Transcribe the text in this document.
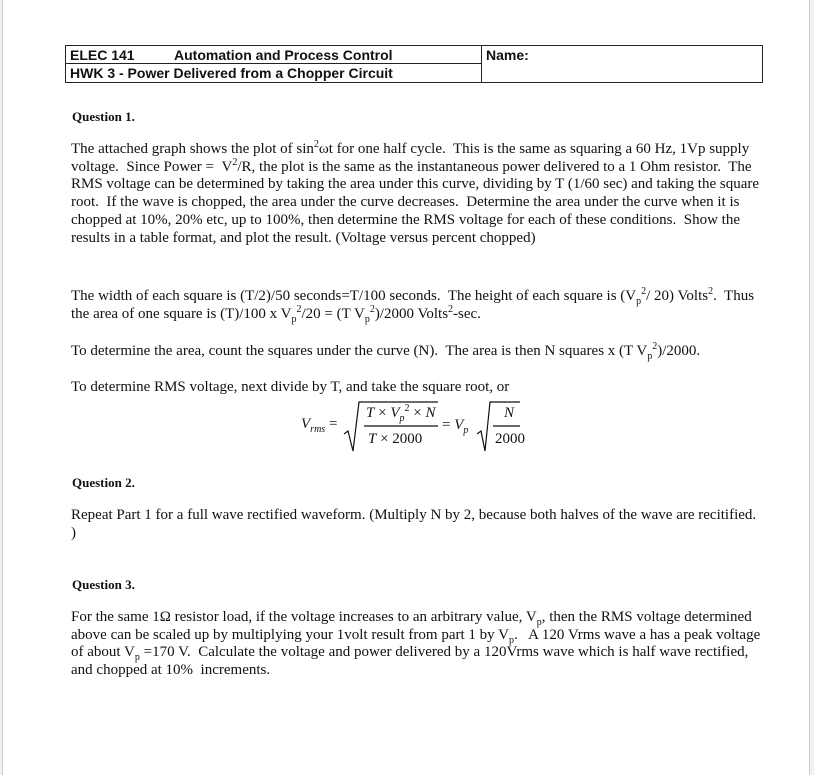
ELEC 141	Automation and Process Control
HWK 3 - Power Delivered from a Chopper Circuit
Name:
Question 1.

The attached graph shows the plot of $\sin^2\omega t$ for one half cycle.  This is the same as squaring a 60 Hz, 1Vp supply voltage.  Since Power =  $V^2/R$, the plot is the same as the instantaneous power delivered to a 1 Ohm resistor.  The RMS voltage can be determined by taking the area under this curve, dividing by T (1/60 sec) and taking the square root.  If the wave is chopped, the area under the curve decreases.  Determine the area under the curve when it is chopped at 10%, 20% etc, up to 100%, then determine the RMS voltage for each of these conditions.  Show the results in a table format, and plot the result. (Voltage versus percent chopped)

The width of each square is (T/2)/50 seconds=T/100 seconds.  The height of each square is ($V_p^2/$ 20) Volts$^2$.  Thus the area of one square is (T)/100 x $V_p^2/20 = (T$ $V_p^2)/2000$ Volts$^2$-sec.

To determine the area, count the squares under the curve (N).  The area is then N squares x (T $V_p^2)/2000$.

To determine RMS voltage, next divide by T, and take the square root, or

$V_{rms}$ =
$T \times V_p^2 \times N$
T × 2000
= $V_p$
N
2000
Question 2.

Repeat Part 1 for a full wave rectified waveform. (Multiply N by 2, because both halves of the wave are recitified. )

Question 3.

For the same 1Ω resistor load, if the voltage increases to an arbitrary value, $V_p$, then the RMS voltage determined above can be scaled up by multiplying your 1volt result from part 1 by $V_p$.   A 120 Vrms wave a has a peak voltage of about $V_p =170$ V.  Calculate the voltage and power delivered by a 120Vrms wave which is half wave rectified, and chopped at 10%  increments.
